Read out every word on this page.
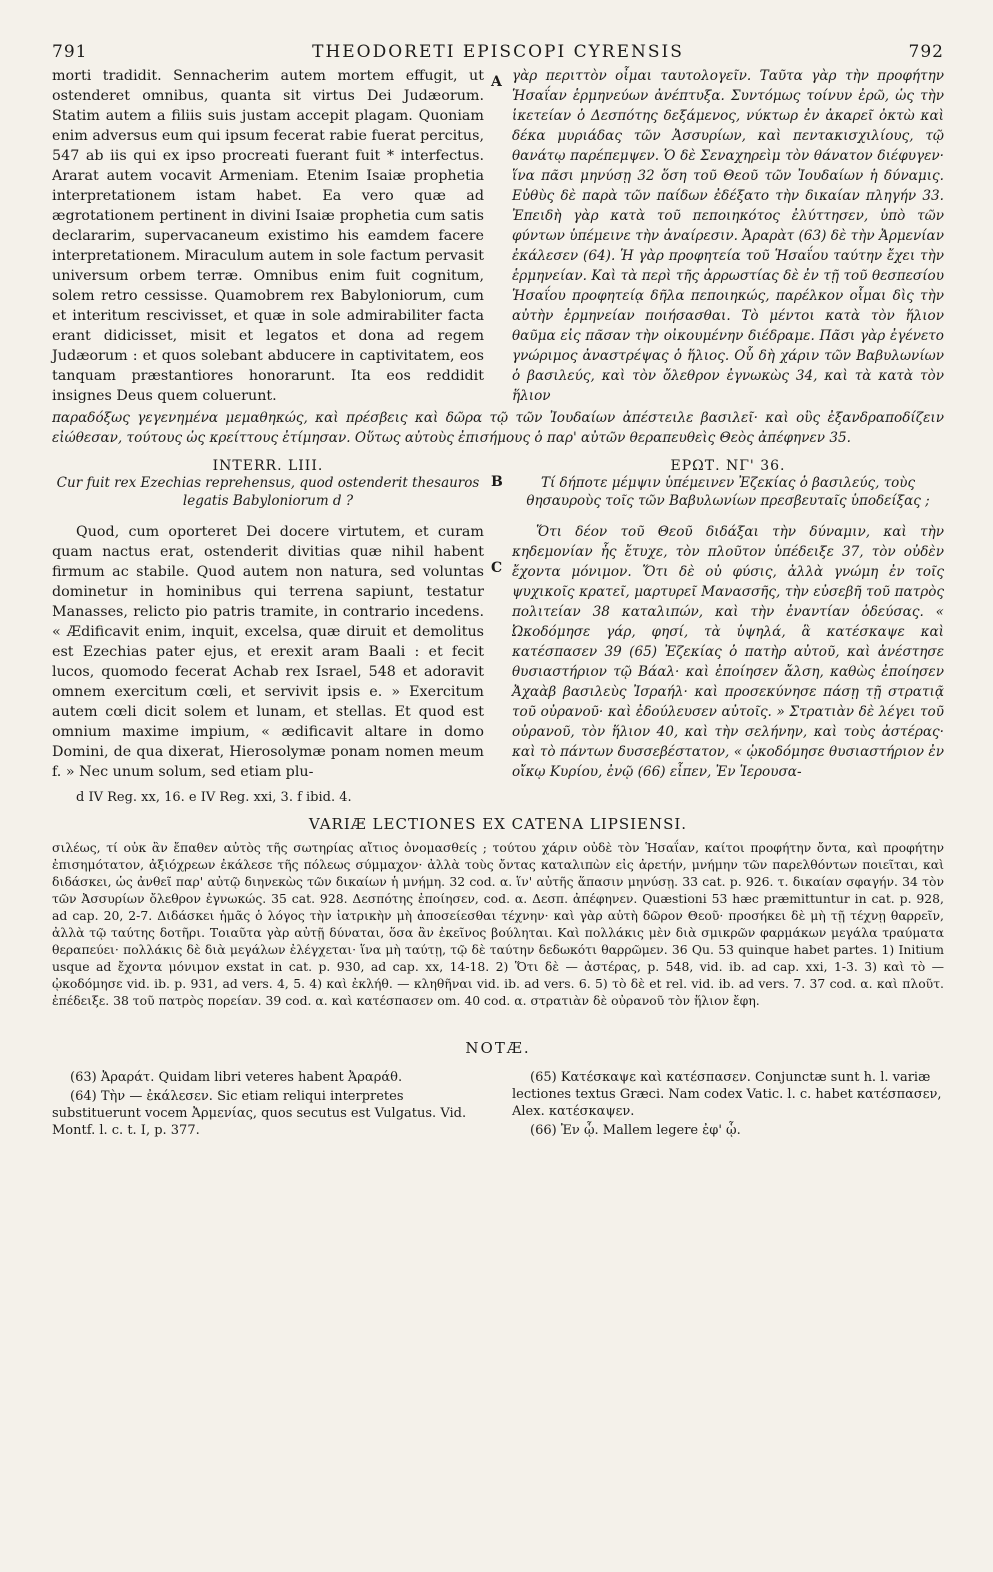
791	THEODORETI EPISCOPI CYRENSIS	792

morti tradidit. Sennacherim autem mortem effugit, ut ostenderet omnibus, quanta sit virtus Dei Judæorum. Statim autem a filiis suis justam accepit plagam. Quoniam enim adversus eum qui ipsum fecerat rabie fuerat percitus, 547 ab iis qui ex ipso procreati fuerant fuit * interfectus. Ararat autem vocavit Armeniam. Etenim Isaiæ prophetia interpretationem istam habet. Ea vero quæ ad ægrotationem pertinent in divini Isaiæ prophetia cum satis declararim, supervacaneum existimo his eamdem facere interpretationem. Miraculum autem in sole factum pervasit universum orbem terræ. Omnibus enim fuit cognitum, solem retro cessisse. Quamobrem rex Babyloniorum, cum et interitum rescivisset, et quæ in sole admirabiliter facta erant didicisset, misit et legatos et dona ad regem Judæorum : et quos solebant abducere in captivitatem, eos tanquam præstantiores honorarunt. Ita eos reddidit insignes Deus quem coluerunt.

A
B

γὰρ περιττὸν οἶμαι ταυτολογεῖν. Ταῦτα γὰρ τὴν προφήτην Ἡσαΐαν ἑρμηνεύων ἀνέπτυξα. Συντόμως τοίνυν ἐρῶ, ὡς τὴν ἱκετείαν ὁ Δεσπότης δεξάμενος, νύκτωρ ἐν ἀκαρεῖ ὀκτὼ καὶ δέκα μυριάδας τῶν Ἀσσυρίων, καὶ πεντακισχιλίους, τῷ θανάτῳ παρέπεμψεν. Ὁ δὲ Σεναχηρεὶμ τὸν θάνατον διέφυγεν· ἵνα πᾶσι μηνύσῃ 32 ὅση τοῦ Θεοῦ τῶν Ἰουδαίων ἡ δύναμις. Εὐθὺς δὲ παρὰ τῶν παίδων ἐδέξατο τὴν δικαίαν πληγήν 33. Ἐπειδὴ γὰρ κατὰ τοῦ πεποιηκότος ἐλύττησεν, ὑπὸ τῶν φύντων ὑπέμεινε τὴν ἀναίρεσιν. Ἀραρὰτ (63) δὲ τὴν Ἀρμενίαν ἐκάλεσεν (64). Ἡ γὰρ προφητεία τοῦ Ἡσαΐου ταύτην ἔχει τὴν ἑρμηνείαν. Καὶ τὰ περὶ τῆς ἀρρωστίας δὲ ἐν τῇ τοῦ θεσπεσίου Ἡσαΐου προφητείᾳ δῆλα πεποιηκώς, παρέλκον οἶμαι δὶς τὴν αὐτὴν ἑρμηνείαν ποιήσασθαι. Τὸ μέντοι κατὰ τὸν ἥλιον θαῦμα εἰς πᾶσαν τὴν οἰκουμένην διέδραμε. Πᾶσι γὰρ ἐγένετο γνώριμος ἀναστρέψας ὁ ἥλιος. Οὗ δὴ χάριν τῶν Βαβυλωνίων ὁ βασιλεύς, καὶ τὸν ὄλεθρον ἐγνωκὼς 34, καὶ τὰ κατὰ τὸν ἥλιον

παραδόξως γεγενημένα μεμαθηκώς, καὶ πρέσβεις καὶ δῶρα τῷ τῶν Ἰουδαίων ἀπέστειλε βασιλεῖ· καὶ οὓς ἐξανδραποδίζειν εἰώθεσαν, τούτους ὡς κρείττους ἐτίμησαν. Οὕτως αὐτοὺς ἐπισήμους ὁ παρ' αὐτῶν θεραπευθεὶς Θεὸς ἀπέφηνεν 35.

INTERR. LIII.
Cur fuit rex Ezechias reprehensus, quod ostenderit thesauros legatis Babyloniorum d ?
ΕΡΩΤ. ΝΓ' 36.
Τί δήποτε μέμψιν ὑπέμεινεν Ἐζεκίας ὁ βασιλεύς, τοὺς θησαυροὺς τοῖς τῶν Βαβυλωνίων πρεσβευταῖς ὑποδείξας ;

Quod, cum oporteret Dei docere virtutem, et curam quam nactus erat, ostenderit divitias quæ nihil habent firmum ac stabile. Quod autem non natura, sed voluntas dominetur in hominibus qui terrena sapiunt, testatur Manasses, relicto pio patris tramite, in contrario incedens. « Ædificavit enim, inquit, excelsa, quæ diruit et demolitus est Ezechias pater ejus, et erexit aram Baali : et fecit lucos, quomodo fecerat Achab rex Israel, 548 et adoravit omnem exercitum cœli, et servivit ipsis e. » Exercitum autem cœli dicit solem et lunam, et stellas. Et quod est omnium maxime impium, « ædificavit altare in domo Domini, de qua dixerat, Hierosolymæ ponam nomen meum f. » Nec unum solum, sed etiam plu-

d IV Reg. xx, 16. e IV Reg. xxi, 3. f ibid. 4.
C

Ὅτι δέον τοῦ Θεοῦ διδάξαι τὴν δύναμιν, καὶ τὴν κηδεμονίαν ἧς ἔτυχε, τὸν πλοῦτον ὑπέδειξε 37, τὸν οὐδὲν ἔχοντα μόνιμον. Ὅτι δὲ οὐ φύσις, ἀλλὰ γνώμη ἐν τοῖς ψυχικοῖς κρατεῖ, μαρτυρεῖ Μανασσῆς, τὴν εὐσεβῆ τοῦ πατρὸς πολιτείαν 38 καταλιπών, καὶ τὴν ἐναντίαν ὁδεύσας. « Ὠκοδόμησε γάρ, φησί, τὰ ὑψηλά, ἃ κατέσκαψε καὶ κατέσπασεν 39 (65) Ἐζεκίας ὁ πατὴρ αὐτοῦ, καὶ ἀνέστησε θυσιαστήριον τῷ Βάαλ· καὶ ἐποίησεν ἄλση, καθὼς ἐποίησεν Ἀχαὰβ βασιλεὺς Ἰσραήλ· καὶ προσεκύνησε πάσῃ τῇ στρατιᾷ τοῦ οὐρανοῦ· καὶ ἐδούλευσεν αὐτοῖς. » Στρατιὰν δὲ λέγει τοῦ οὐρανοῦ, τὸν ἥλιον 40, καὶ τὴν σελήνην, καὶ τοὺς ἀστέρας· καὶ τὸ πάντων δυσσεβέστατον, « ᾠκοδόμησε θυσιαστήριον ἐν οἴκῳ Κυρίου, ἐνῷ (66) εἶπεν, Ἐν Ἱερουσα-

VARIÆ LECTIONES EX CATENA LIPSIENSI.

σιλέως, τί οὐκ ἂν ἔπαθεν αὐτὸς τῆς σωτηρίας αἴτιος ὀνομασθείς ; τούτου χάριν οὐδὲ τὸν Ἡσαΐαν, καίτοι προφήτην ὄντα, καὶ προφήτην ἐπισημότατον, ἀξιόχρεων ἐκάλεσε τῆς πόλεως σύμμαχον· ἀλλὰ τοὺς ὄντας καταλιπὼν εἰς ἀρετήν, μνήμην τῶν παρελθόντων ποιεῖται, καὶ διδάσκει, ὡς ἀνθεῖ παρ' αὐτῷ διηνεκὼς τῶν δικαίων ἡ μνήμη. 32 cod. α. ἵν' αὐτῆς ἅπασιν μηνύσῃ. 33 cat. p. 926. τ. δικαίαν σφαγήν. 34 τὸν τῶν Ἀσσυρίων ὄλεθρον ἐγνωκώς. 35 cat. 928. Δεσπότης ἐποίησεν, cod. α. Δεσπ. ἀπέφηνεν. Quæstioni 53 hæc præmittuntur in cat. p. 928, ad cap. 20, 2-7. Διδάσκει ἡμᾶς ὁ λόγος τὴν ἰατρικὴν μὴ ἀποσείεσθαι τέχνην· καὶ γὰρ αὐτὴ δῶρον Θεοῦ· προσήκει δὲ μὴ τῇ τέχνῃ θαρρεῖν, ἀλλὰ τῷ ταύτης δοτῆρι. Τοιαῦτα γὰρ αὐτῇ δύναται, ὅσα ἂν ἐκεῖνος βούληται. Καὶ πολλάκις μὲν διὰ σμικρῶν φαρμάκων μεγάλα τραύματα θεραπεύει· πολλάκις δὲ διὰ μεγάλων ἐλέγχεται· ἵνα μὴ ταύτῃ, τῷ δὲ ταύτην δεδωκότι θαρρῶμεν. 36 Qu. 53 quinque habet partes. 1) Initium usque ad ἔχοντα μόνιμον exstat in cat. p. 930, ad cap. xx, 14-18. 2) Ὅτι δὲ — ἀστέρας, p. 548, vid. ib. ad cap. xxi, 1-3. 3) καὶ τὸ — ᾠκοδόμησε vid. ib. p. 931, ad vers. 4, 5. 4) καὶ ἐκλήθ. — κληθῆναι vid. ib. ad vers. 6. 5) τὸ δὲ et rel. vid. ib. ad vers. 7. 37 cod. α. καὶ πλοῦτ. ἐπέδειξε. 38 τοῦ πατρὸς πορείαν. 39 cod. α. καὶ κατέσπασεν om. 40 cod. α. στρατιὰν δὲ οὐρανοῦ τὸν ἥλιον ἔφη.

NOTÆ.

(63) Ἀραράτ. Quidam libri veteres habent Ἀραράθ.

(64) Τὴν — ἐκάλεσεν. Sic etiam reliqui interpretes substituerunt vocem Ἀρμενίας, quos secutus est Vulgatus. Vid. Montf. l. c. t. I, p. 377.

(65) Κατέσκαψε καὶ κατέσπασεν. Conjunctæ sunt h. l. variæ lectiones textus Græci. Nam codex Vatic. l. c. habet κατέσπασεν, Alex. κατέσκαψεν.

(66) Ἐν ᾧ. Mallem legere ἐφ' ᾧ.
